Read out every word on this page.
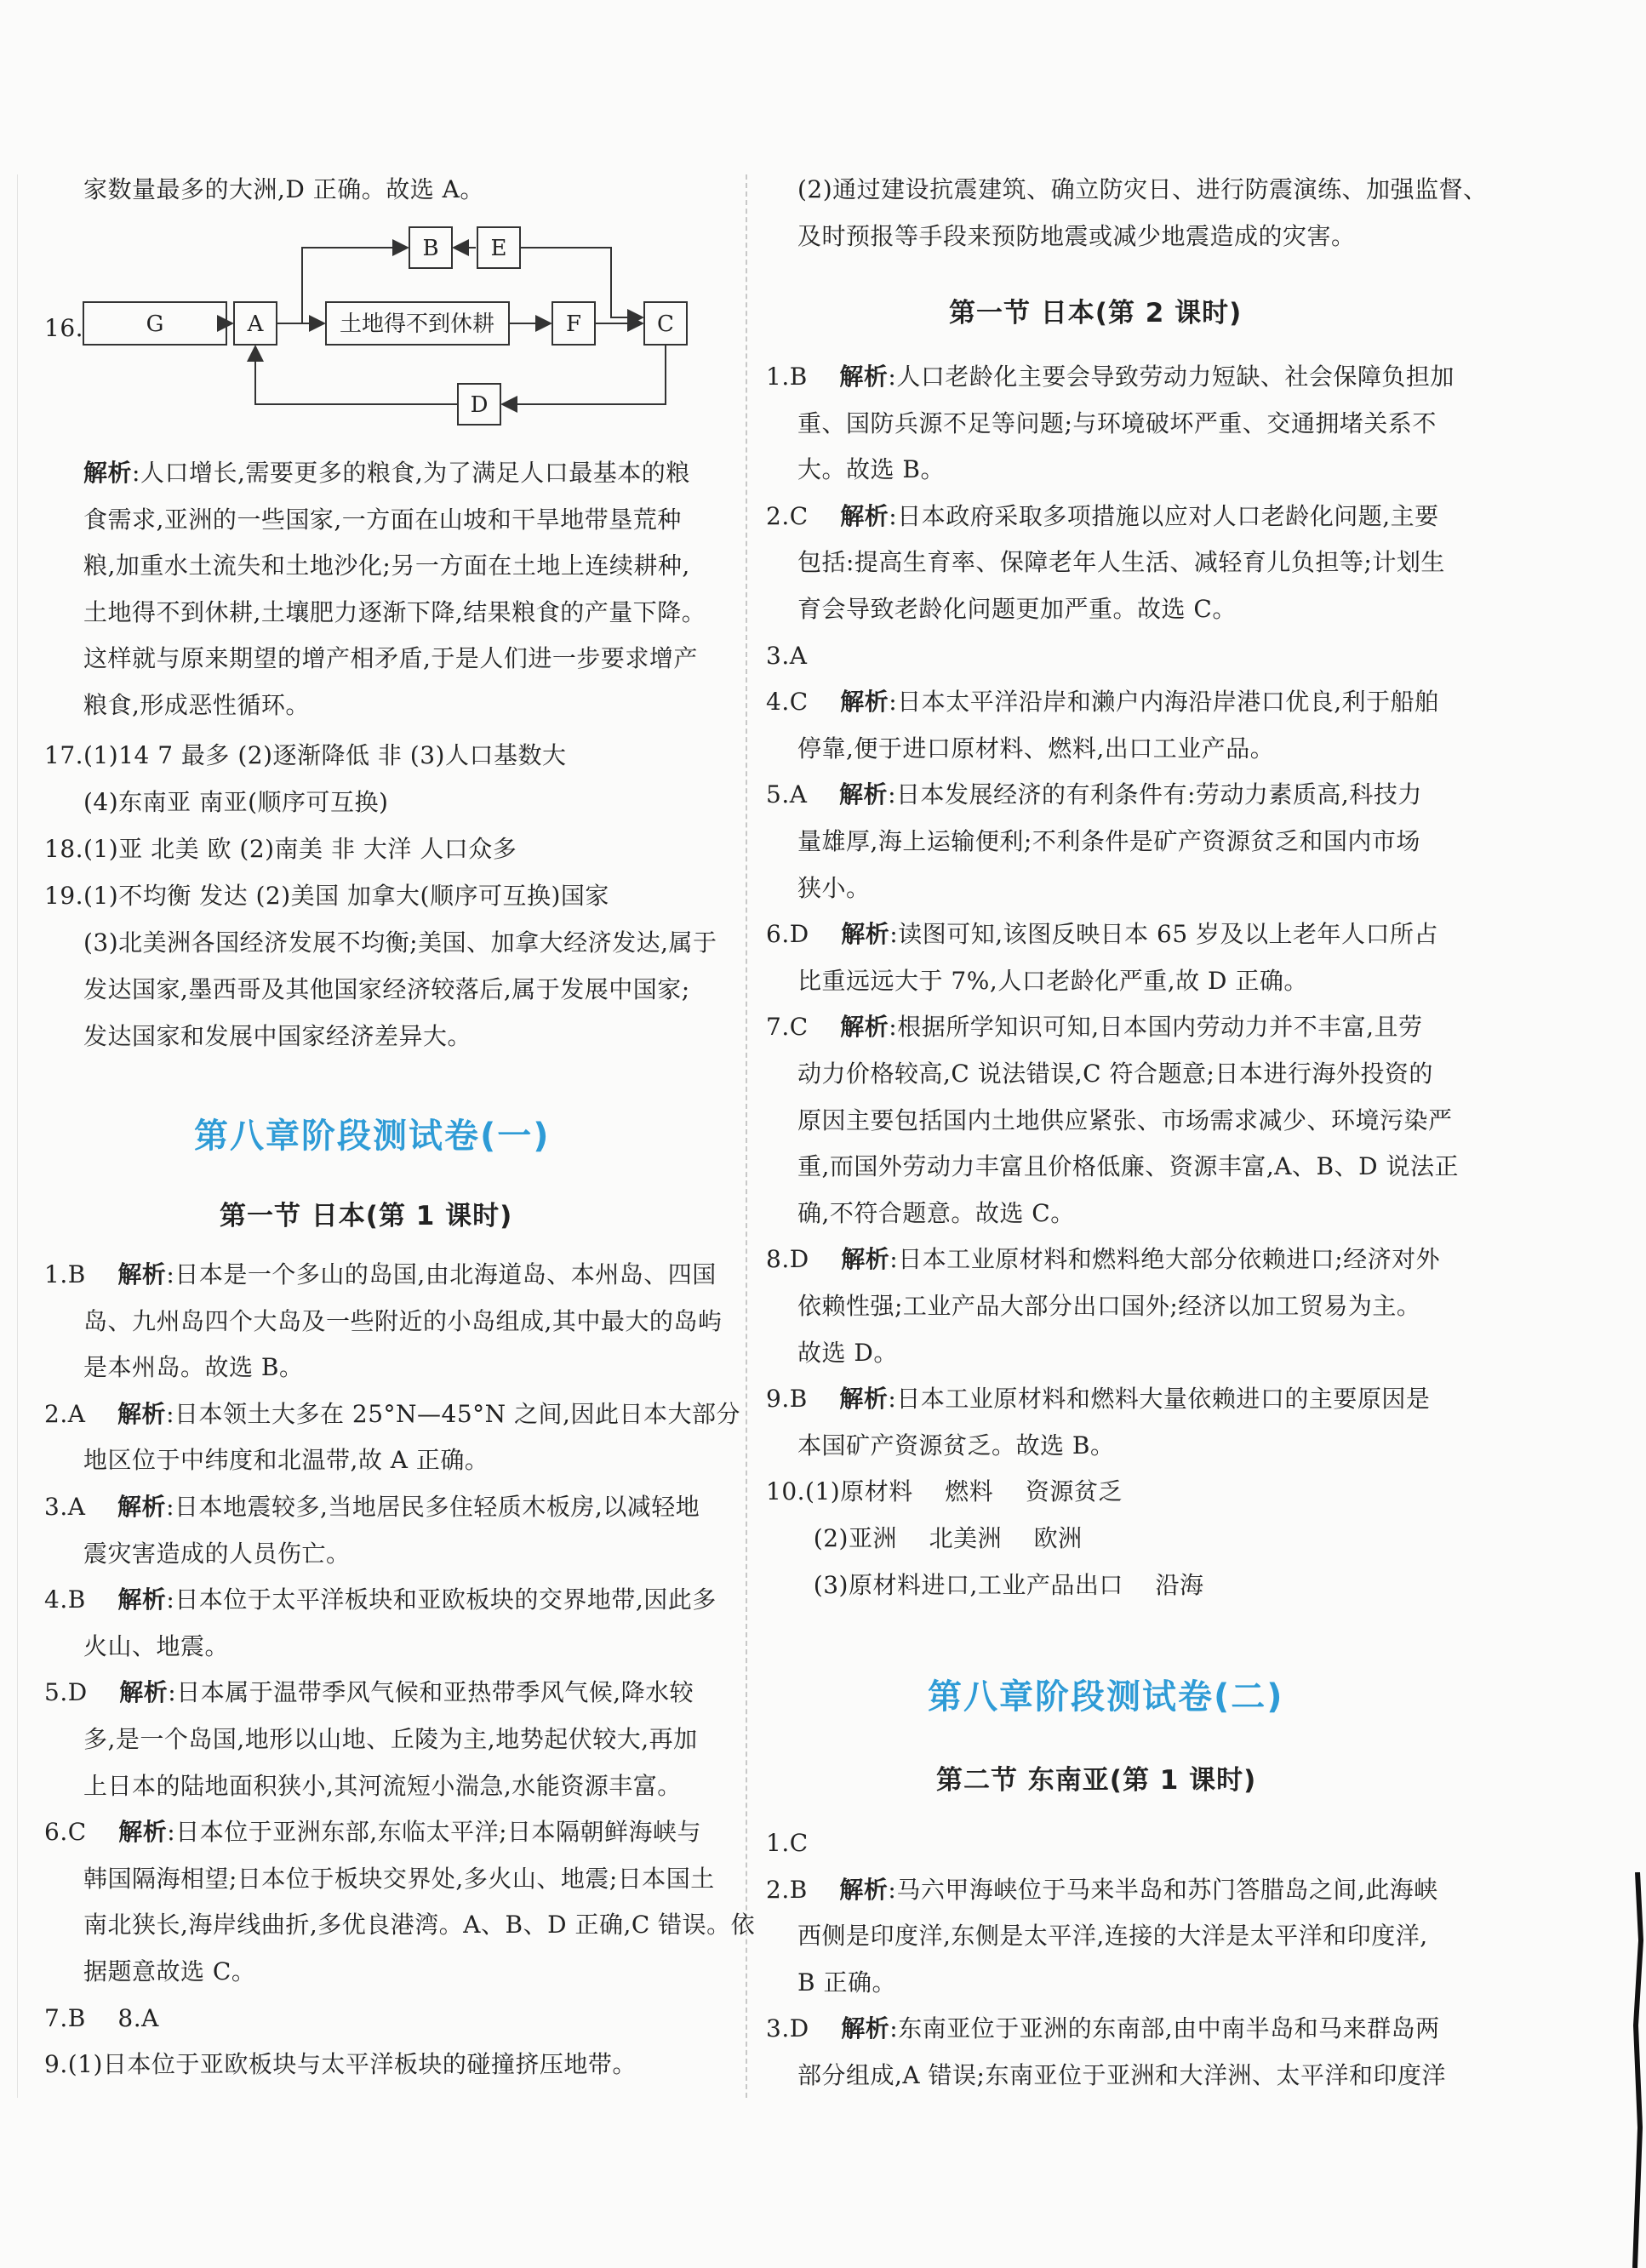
家数量最多的大洲,D 正确。故选 A。
16.	G	A
B E
土地得不到休耕	F	C
D
解析:人口增长,需要更多的粮食,为了满足人口最基本的粮
食需求,亚洲的一些国家,一方面在山坡和干旱地带垦荒种
粮,加重水土流失和土地沙化;另一方面在土地上连续耕种,
土地得不到休耕,土壤肥力逐渐下降,结果粮食的产量下降。
这样就与原来期望的增产相矛盾,于是人们进一步要求增产
粮食,形成恶性循环。
17.(1)14 7 最多 (2)逐渐降低 非 (3)人口基数大
(4)东南亚 南亚(顺序可互换)
18.(1)亚 北美 欧 (2)南美 非 大洋 人口众多
19.(1)不均衡 发达 (2)美国 加拿大(顺序可互换)国家
(3)北美洲各国经济发展不均衡;美国、加拿大经济发达,属于
发达国家,墨西哥及其他国家经济较落后,属于发展中国家;
发达国家和发展中国家经济差异大。
第八章阶段测试卷(一)
第一节 日本(第 1 课时)
1.B    解析:日本是一个多山的岛国,由北海道岛、本州岛、四国
岛、九州岛四个大岛及一些附近的小岛组成,其中最大的岛屿
是本州岛。故选 B。
2.A    解析:日本领土大多在 25°N—45°N 之间,因此日本大部分
地区位于中纬度和北温带,故 A 正确。
3.A    解析:日本地震较多,当地居民多住轻质木板房,以减轻地
震灾害造成的人员伤亡。
4.B    解析:日本位于太平洋板块和亚欧板块的交界地带,因此多
火山、地震。
5.D    解析:日本属于温带季风气候和亚热带季风气候,降水较
多,是一个岛国,地形以山地、丘陵为主,地势起伏较大,再加
上日本的陆地面积狭小,其河流短小湍急,水能资源丰富。
6.C    解析:日本位于亚洲东部,东临太平洋;日本隔朝鲜海峡与
韩国隔海相望;日本位于板块交界处,多火山、地震;日本国土
南北狭长,海岸线曲折,多优良港湾。A、B、D 正确,C 错误。依
据题意故选 C。
7.B    8.A
9.(1)日本位于亚欧板块与太平洋板块的碰撞挤压地带。
(2)通过建设抗震建筑、确立防灾日、进行防震演练、加强监督、
及时预报等手段来预防地震或减少地震造成的灾害。
第一节 日本(第 2 课时)
1.B    解析:人口老龄化主要会导致劳动力短缺、社会保障负担加
重、国防兵源不足等问题;与环境破坏严重、交通拥堵关系不
大。故选 B。
2.C    解析:日本政府采取多项措施以应对人口老龄化问题,主要
包括:提高生育率、保障老年人生活、减轻育儿负担等;计划生
育会导致老龄化问题更加严重。故选 C。
3.A
4.C    解析:日本太平洋沿岸和濑户内海沿岸港口优良,利于船舶
停靠,便于进口原材料、燃料,出口工业产品。
5.A    解析:日本发展经济的有利条件有:劳动力素质高,科技力
量雄厚,海上运输便利;不利条件是矿产资源贫乏和国内市场
狭小。
6.D    解析:读图可知,该图反映日本 65 岁及以上老年人口所占
比重远远大于 7%,人口老龄化严重,故 D 正确。
7.C    解析:根据所学知识可知,日本国内劳动力并不丰富,且劳
动力价格较高,C 说法错误,C 符合题意;日本进行海外投资的
原因主要包括国内土地供应紧张、市场需求减少、环境污染严
重,而国外劳动力丰富且价格低廉、资源丰富,A、B、D 说法正
确,不符合题意。故选 C。
8.D    解析:日本工业原材料和燃料绝大部分依赖进口;经济对外
依赖性强;工业产品大部分出口国外;经济以加工贸易为主。
故选 D。
9.B    解析:日本工业原材料和燃料大量依赖进口的主要原因是
本国矿产资源贫乏。故选 B。
10.(1)原材料    燃料    资源贫乏
(2)亚洲    北美洲    欧洲
(3)原材料进口,工业产品出口    沿海
第八章阶段测试卷(二)
第二节 东南亚(第 1 课时)
1.C
2.B    解析:马六甲海峡位于马来半岛和苏门答腊岛之间,此海峡
西侧是印度洋,东侧是太平洋,连接的大洋是太平洋和印度洋,
B 正确。
3.D    解析:东南亚位于亚洲的东南部,由中南半岛和马来群岛两
部分组成,A 错误;东南亚位于亚洲和大洋洲、太平洋和印度洋
